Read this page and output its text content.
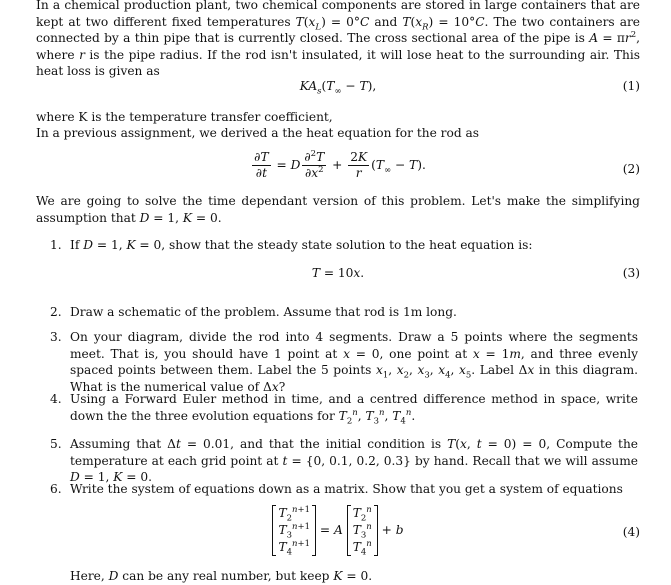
In a chemical production plant, two chemical components are stored in large containers that are kept at two different fixed temperatures $T(x_L) = 0^\circ C$ and $T(x_R) = 10^\circ C$. The two containers are connected by a thin pipe that is currently closed. The cross sectional area of the pipe is $A = \pi r^2$, where r is the pipe radius. If the rod isn't insulated, it will lose heat to the surrounding air. This heat loss is given as
$KA_s(T_\infty - T)$,	(1)
where K is the temperature transfer coefficient,
In a previous assignment, we derived a the heat equation for the rod as
$\frac{\partial T}{\partial t} = D \frac{\partial^2T}{\partial x^2} + \frac{2K}{r} (T_\infty - T)$.	(2)
We are going to solve the time dependant version of this problem. Let's make the simplifying assumption that D = 1, K = 0.
1. If D = 1, K = 0, show that the steady state solution to the heat equation is:
T = 10x.	(3)
2. Draw a schematic of the problem. Assume that rod is 1m long.
3. On your diagram, divide the rod into 4 segments. Draw a 5 points where the segments meet. That is, you should have 1 point at x = 0, one point at x = 1m, and three evenly spaced points between them. Label the 5 points $x_1$, $x_2$, $x_3$, $x_4$, $x_5$. Label Δx in this diagram. What is the numerical value of Δx?
4. Using a Forward Euler method in time, and a centred difference method in space, write down the the three evolution equations for $T_2^n$, $T_3^n$, $T_4^n$.
5. Assuming that Δt = 0.01, and that the initial condition is T(x, t = 0) = 0, Compute the temperature at each grid point at t = {0, 0.1, 0.2, 0.3} by hand. Recall that we will assume D = 1, K = 0.
6. Write the system of equations down as a matrix. Show that you get a system of equations
$T_2^{n+1}$
$T_3^{n+1}$
$T_4^{n+1}$
= A
$T_2^n$
$T_3^n$
$T_4^n$
+ b	(4)
Here, D can be any real number, but keep K = 0.
